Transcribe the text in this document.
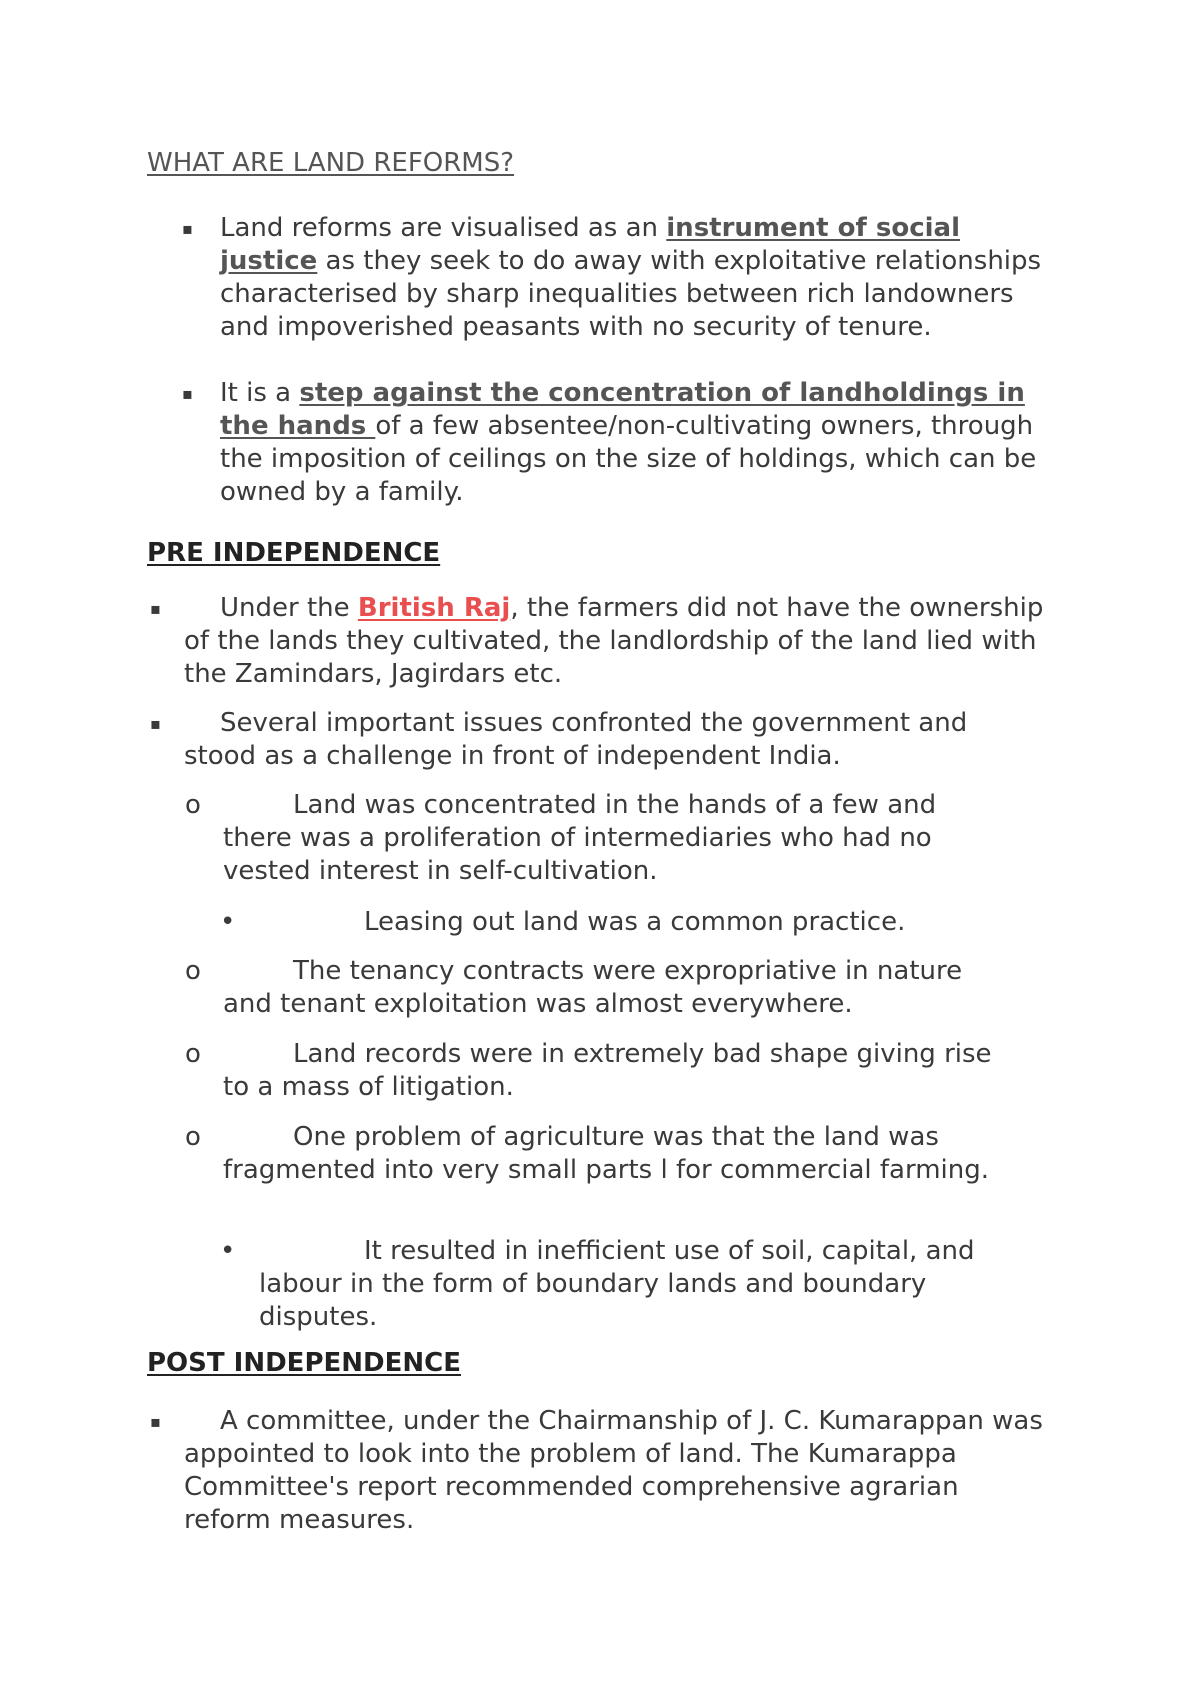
WHAT ARE LAND REFORMS?
▪ Land reforms are visualised as an instrument of social justice as they seek to do away with exploitative relationships characterised by sharp inequalities between rich landowners and impoverished peasants with no security of tenure.
▪ It is a step against the concentration of landholdings in the hands of a few absentee/non-cultivating owners, through the imposition of ceilings on the size of holdings, which can be owned by a family.
PRE INDEPENDENCE
▪	Under the British Raj, the farmers did not have the ownership of the lands they cultivated, the landlordship of the land lied with the Zamindars, Jagirdars etc.
▪	Several important issues confronted the government and stood as a challenge in front of independent India.
o	Land was concentrated in the hands of a few and there was a proliferation of intermediaries who had no vested interest in self-cultivation.
•	Leasing out land was a common practice.
o	The tenancy contracts were expropriative in nature and tenant exploitation was almost everywhere.
o	Land records were in extremely bad shape giving rise to a mass of litigation.
o	One problem of agriculture was that the land was fragmented into very small parts l for commercial farming.
•	It resulted in inefficient use of soil, capital, and labour in the form of boundary lands and boundary disputes.
POST INDEPENDENCE
▪	A committee, under the Chairmanship of J. C. Kumarappan was appointed to look into the problem of land. The Kumarappa Committee's report recommended comprehensive agrarian reform measures.
